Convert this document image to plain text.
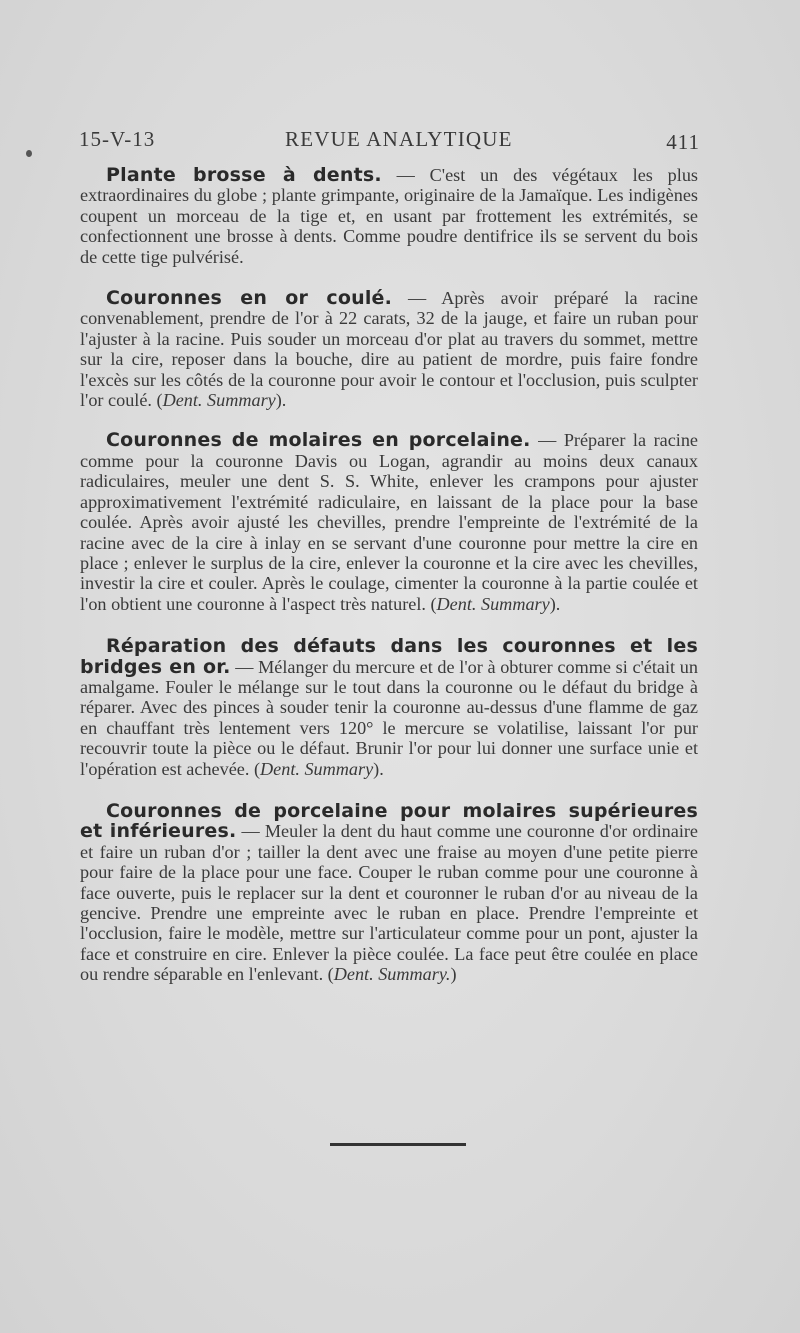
15-V-13	REVUE ANALYTIQUE	411

Plante brosse à dents. — C'est un des végétaux les plus extraordinaires du globe ; plante grimpante, originaire de la Jamaïque. Les indigènes coupent un morceau de la tige et, en usant par frottement les extrémités, se confectionnent une brosse à dents. Comme poudre dentifrice ils se servent du bois de cette tige pulvérisé.

Couronnes en or coulé. — Après avoir préparé la racine convenablement, prendre de l'or à 22 carats, 32 de la jauge, et faire un ruban pour l'ajuster à la racine. Puis souder un morceau d'or plat au travers du sommet, mettre sur la cire, reposer dans la bouche, dire au patient de mordre, puis faire fondre l'excès sur les côtés de la couronne pour avoir le contour et l'occlusion, puis sculpter l'or coulé. (Dent. Summary).

Couronnes de molaires en porcelaine. — Préparer la racine comme pour la couronne Davis ou Logan, agrandir au moins deux canaux radiculaires, meuler une dent S. S. White, enlever les crampons pour ajuster approximativement l'extrémité radiculaire, en laissant de la place pour la base coulée. Après avoir ajusté les chevilles, prendre l'empreinte de l'extrémité de la racine avec de la cire à inlay en se servant d'une couronne pour mettre la cire en place ; enlever le surplus de la cire, enlever la couronne et la cire avec les chevilles, investir la cire et couler. Après le coulage, cimenter la couronne à la partie coulée et l'on obtient une couronne à l'aspect très naturel. (Dent. Summary).

Réparation des défauts dans les couronnes et les bridges en or. — Mélanger du mercure et de l'or à obturer comme si c'était un amalgame. Fouler le mélange sur le tout dans la couronne ou le défaut du bridge à réparer. Avec des pinces à souder tenir la couronne au-dessus d'une flamme de gaz en chauffant très lentement vers 120° le mercure se volatilise, laissant l'or pur recouvrir toute la pièce ou le défaut. Brunir l'or pour lui donner une surface unie et l'opération est achevée. (Dent. Summary).

Couronnes de porcelaine pour molaires supérieures et inférieures. — Meuler la dent du haut comme une couronne d'or ordinaire et faire un ruban d'or ; tailler la dent avec une fraise au moyen d'une petite pierre pour faire de la place pour une face. Couper le ruban comme pour une couronne à face ouverte, puis le replacer sur la dent et couronner le ruban d'or au niveau de la gencive. Prendre une empreinte avec le ruban en place. Prendre l'empreinte et l'occlusion, faire le modèle, mettre sur l'articulateur comme pour un pont, ajuster la face et construire en cire. Enlever la pièce coulée. La face peut être coulée en place ou rendre séparable en l'enlevant. (Dent. Summary.)
